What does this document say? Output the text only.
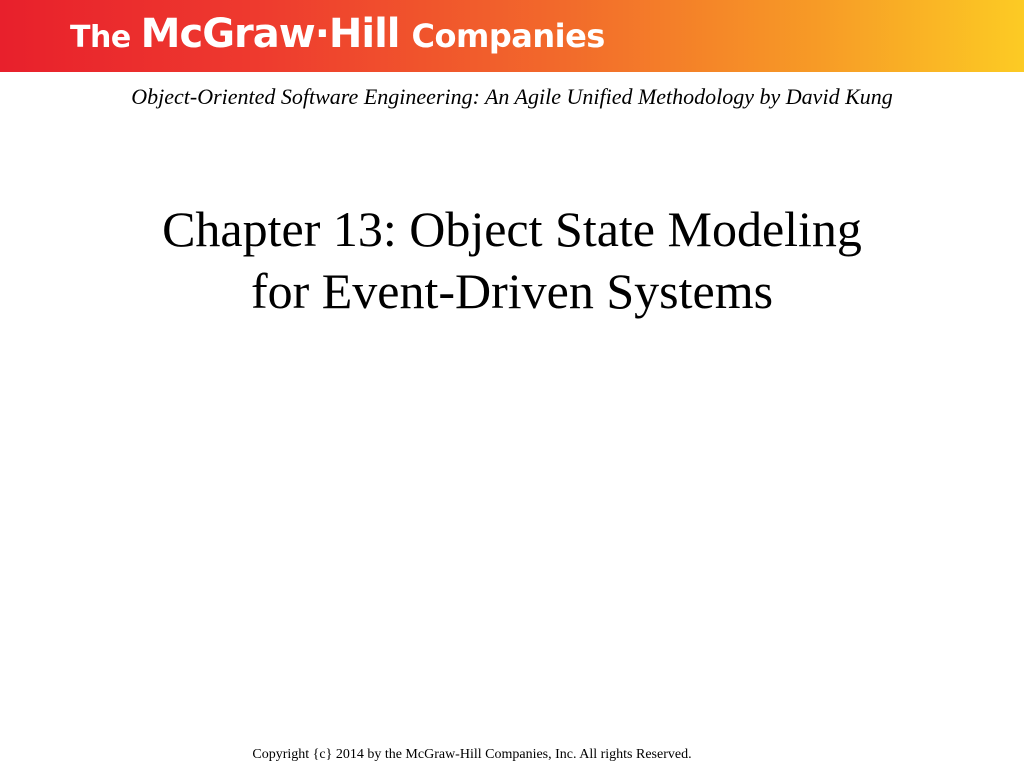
The McGraw·Hill Companies
Object-Oriented Software Engineering: An Agile Unified Methodology by David Kung
Chapter 13: Object State Modeling
for Event-Driven Systems
Copyright {c} 2014 by the McGraw-Hill Companies, Inc. All rights Reserved.
